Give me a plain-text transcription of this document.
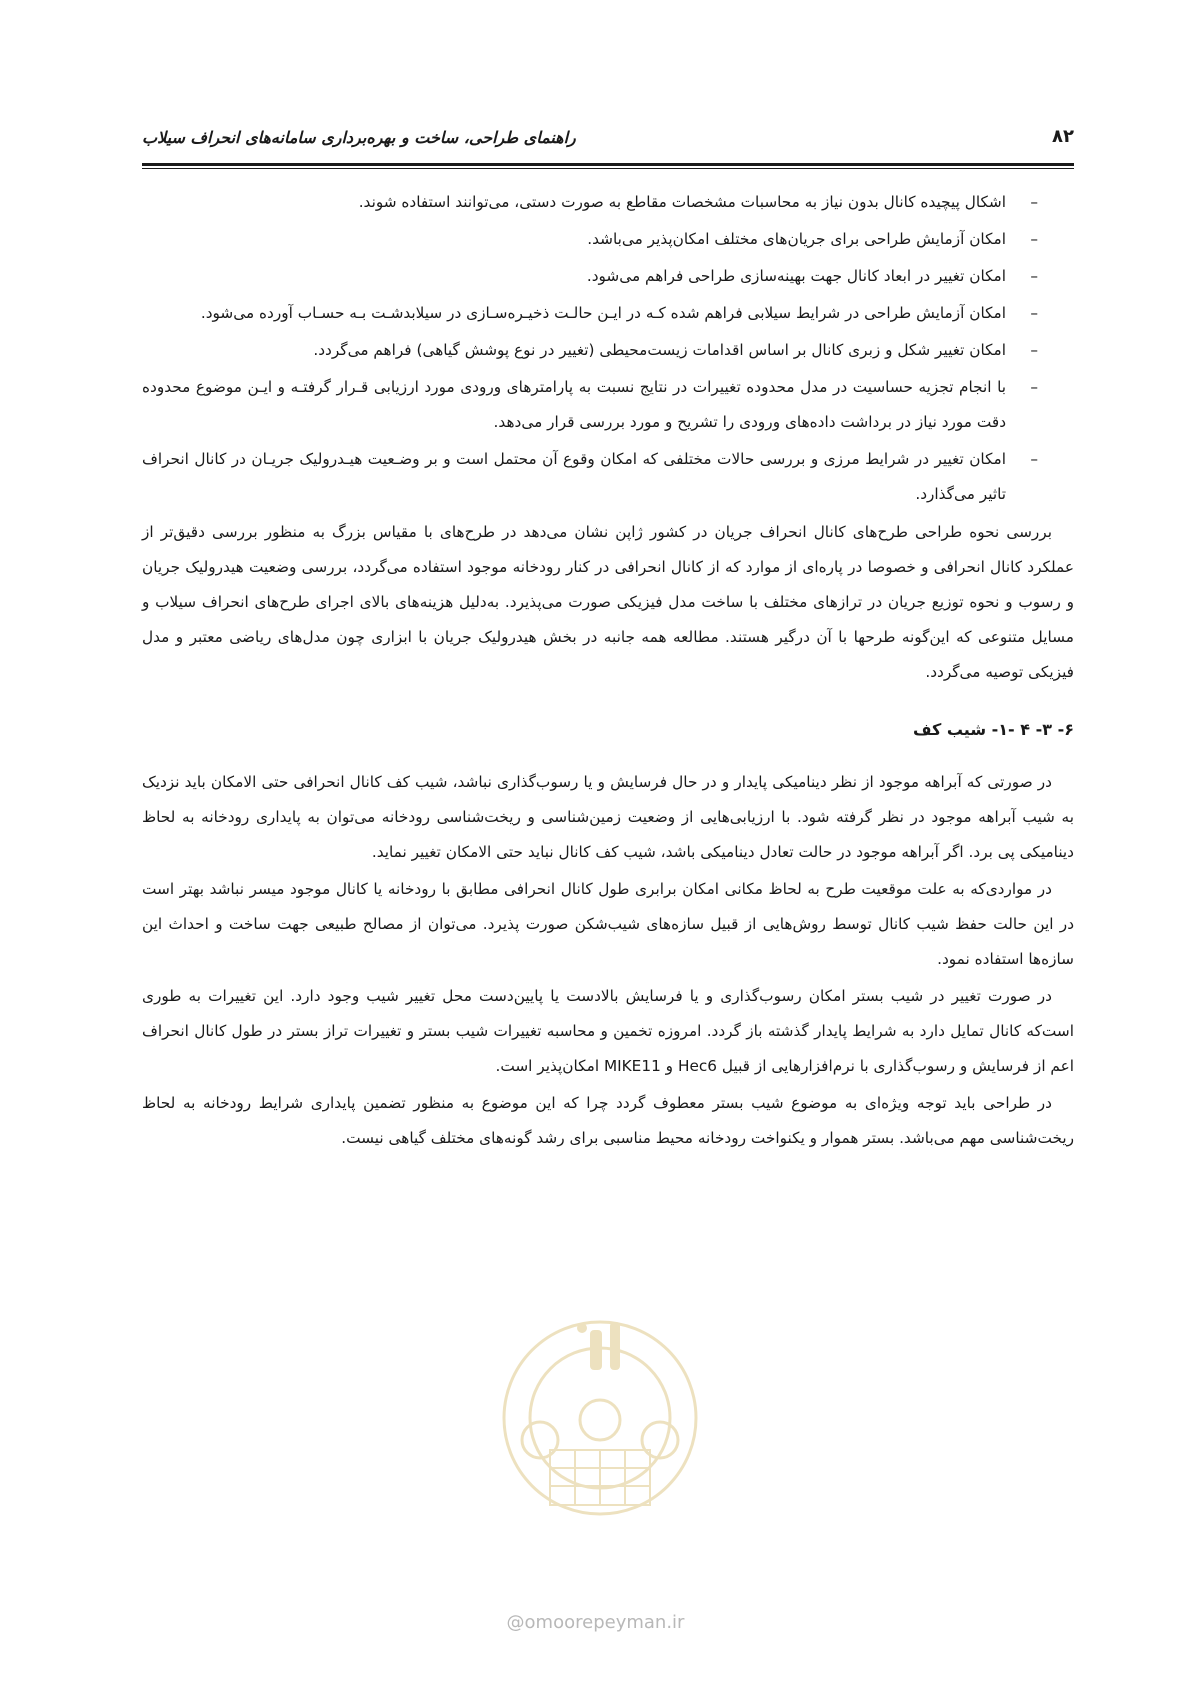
راهنمای طراحی، ساخت و بهره‌برداری سامانه‌های انحراف سیلاب	۸۲
–
اشکال پیچیده کانال بدون نیاز به محاسبات مشخصات مقاطع به صورت دستی، می‌توانند استفاده شوند.
–
امکان آزمایش طراحی برای جریان‌های مختلف امکان‌پذیر می‌باشد.
–
امکان تغییر در ابعاد کانال جهت بهینه‌سازی طراحی فراهم می‌شود.
–
امکان آزمایش طراحی در شرایط سیلابی فراهم شده کـه در ایـن حالـت ذخیـره‌سـازی در سیلابدشـت بـه حسـاب آورده می‌شود.
–
امکان تغییر شکل و زبری کانال بر اساس اقدامات زیست‌محیطی (تغییر در نوع پوشش گیاهی) فراهم می‌گردد.
–
با انجام تجزیه حساسیت در مدل محدوده تغییرات در نتایج نسبت به پارامترهای ورودی مورد ارزیابی قـرار گرفتـه و ایـن موضوع محدوده دقت مورد نیاز در برداشت داده‌های ورودی را تشریح و مورد بررسی قرار می‌دهد.
–
امکان تغییر در شرایط مرزی و بررسی حالات مختلفی که امکان وقوع آن محتمل است و بر وضـعیت هیـدرولیک جریـان در کانال انحراف تاثیر می‌گذارد.

بررسی نحوه طراحی طرح‌های کانال انحراف جریان در کشور ژاپن نشان می‌دهد در طرح‌های با مقیاس بزرگ به منظور بررسی دقیق‌تر از عملکرد کانال انحرافی و خصوصا در پاره‌ای از موارد که از کانال انحرافی در کنار رودخانه موجود استفاده می‌گردد، بررسی وضعیت هیدرولیک جریان و رسوب و نحوه توزیع جریان در ترازهای مختلف با ساخت مدل فیزیکی صورت می‌پذیرد. به‌دلیل هزینه‌های بالای اجرای طرح‌های انحراف سیلاب و مسایل متنوعی که این‌گونه طرحها با آن درگیر هستند. مطالعه همه جانبه در بخش هیدرولیک جریان با ابزاری چون مدل‌های ریاضی معتبر و مدل فیزیکی توصیه می‌گردد.

۶- ۳- ۴ -۱- شیب کف

در صورتی که آبراهه موجود از نظر دینامیکی پایدار و در حال فرسایش و یا رسوب‌گذاری نباشد، شیب کف کانال انحرافی حتی الامکان باید نزدیک به شیب آبراهه موجود در نظر گرفته شود. با ارزیابی‌هایی از وضعیت زمین‌شناسی و ریخت‌شناسی رودخانه می‌توان به پایداری رودخانه به لحاظ دینامیکی پی برد. اگر آبراهه موجود در حالت تعادل دینامیکی باشد، شیب کف کانال نباید حتی الامکان تغییر نماید.

در مواردی‌که به علت موقعیت طرح به لحاظ مکانی امکان برابری طول کانال انحرافی مطابق با رودخانه یا کانال موجود میسر نباشد بهتر است در این حالت حفظ شیب کانال توسط روش‌هایی از قبیل سازه‌های شیب‌شکن صورت پذیرد. می‌توان از مصالح طبیعی جهت ساخت و احداث این سازه‌ها استفاده نمود.

در صورت تغییر در شیب بستر امکان رسوب‌گذاری و یا فرسایش بالادست یا پایین‌دست محل تغییر شیب وجود دارد. این تغییرات به طوری است‌که کانال تمایل دارد به شرایط پایدار گذشته باز گردد. امروزه تخمین و محاسبه تغییرات شیب بستر و تغییرات تراز بستر در طول کانال انحراف اعم از فرسایش و رسوب‌گذاری با نرم‌افزارهایی از قبیل Hec6 و MIKE11 امکان‌پذیر است.

در طراحی باید توجه ویژه‌ای به موضوع شیب بستر معطوف گردد چرا که این موضوع به منظور تضمین پایداری شرایط رودخانه به لحاظ ریخت‌شناسی مهم می‌باشد. بستر هموار و یکنواخت رودخانه محیط مناسبی برای رشد گونه‌های مختلف گیاهی نیست.

@omoorepeyman.ir
